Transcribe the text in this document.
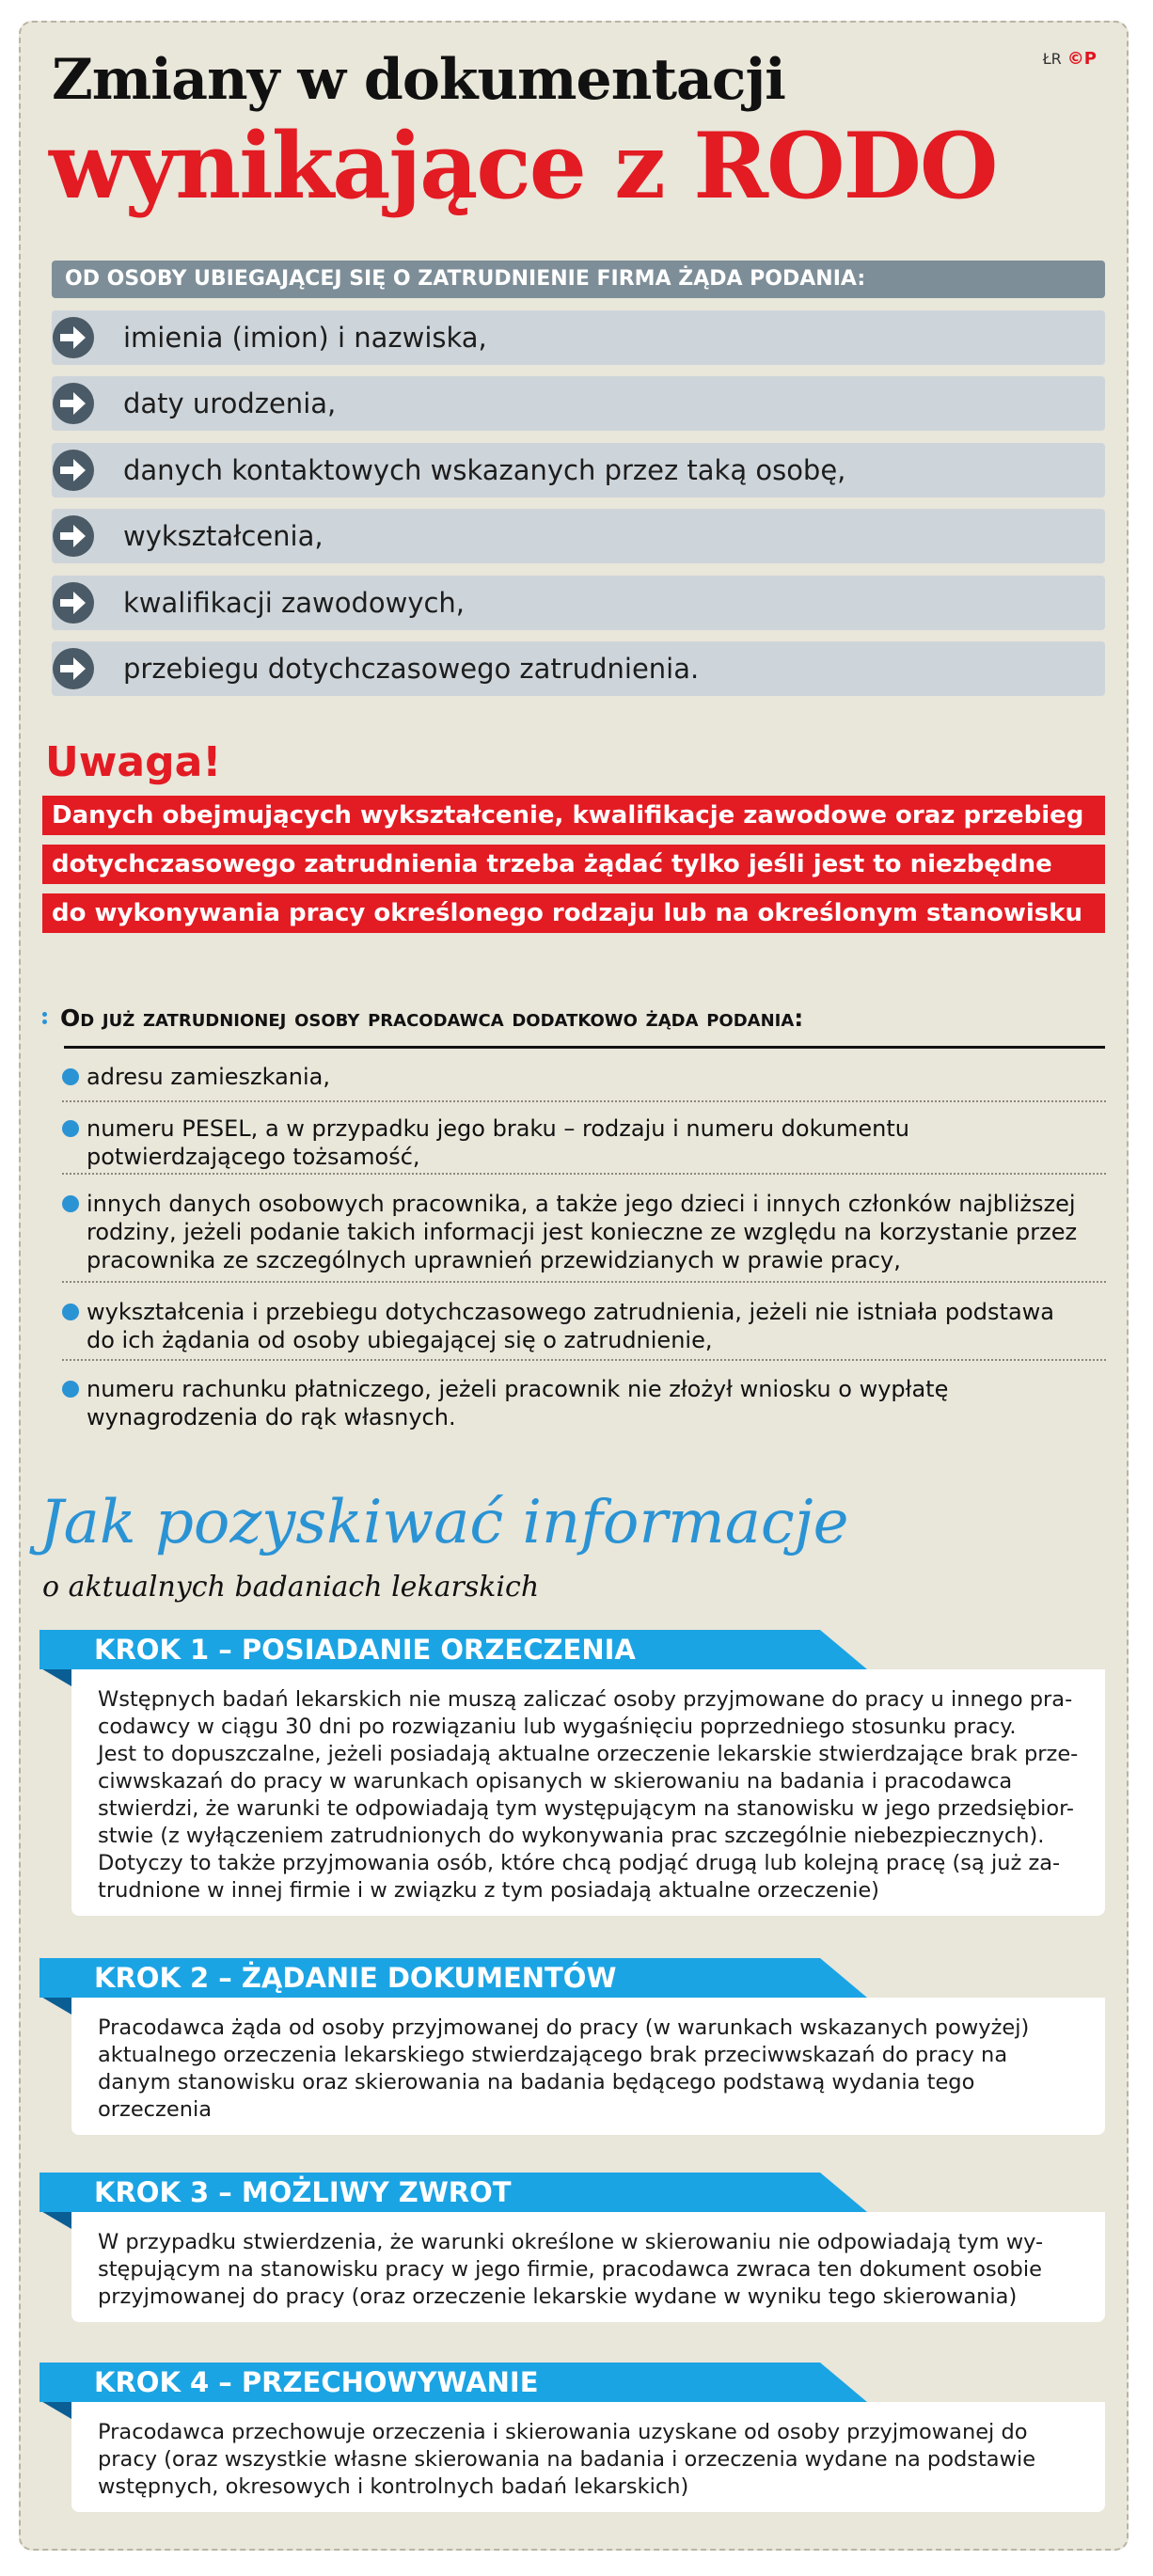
ŁR ©P
Zmiany w dokumentacji
wynikające z RODO
OD OSOBY UBIEGAJĄCEJ SIĘ O ZATRUDNIENIE FIRMA ŻĄDA PODANIA:
imienia (imion) i nazwiska,
daty urodzenia,
danych kontaktowych wskazanych przez taką osobę,
wykształcenia,
kwalifikacji zawodowych,
przebiegu dotychczasowego zatrudnienia.
Uwaga!
Danych obejmujących wykształcenie, kwalifikacje zawodowe oraz przebieg
dotychczasowego zatrudnienia trzeba żądać tylko jeśli jest to niezbędne
do wykonywania pracy określonego rodzaju lub na określonym stanowisku
Od już zatrudnionej osoby pracodawca dodatkowo żąda podania:
adresu zamieszkania,
numeru PESEL, a w przypadku jego braku – rodzaju i numeru dokumentu
potwierdzającego tożsamość,
innych danych osobowych pracownika, a także jego dzieci i innych członków najbliższej
rodziny, jeżeli podanie takich informacji jest konieczne ze względu na korzystanie przez
pracownika ze szczególnych uprawnień przewidzianych w prawie pracy,
wykształcenia i przebiegu dotychczasowego zatrudnienia, jeżeli nie istniała podstawa
do ich żądania od osoby ubiegającej się o zatrudnienie,
numeru rachunku płatniczego, jeżeli pracownik nie złożył wniosku o wypłatę
wynagrodzenia do rąk własnych.
Jak pozyskiwać informacje
o aktualnych badaniach lekarskich
Wstępnych badań lekarskich nie muszą zaliczać osoby przyjmowane do pracy u innego pra-
codawcy w ciągu 30 dni po rozwiązaniu lub wygaśnięciu poprzedniego stosunku pracy.
Jest to dopuszczalne, jeżeli posiadają aktualne orzeczenie lekarskie stwierdzające brak prze-
ciwwskazań do pracy w warunkach opisanych w skierowaniu na badania i pracodawca
stwierdzi, że warunki te odpowiadają tym występującym na stanowisku w jego przedsiębior-
stwie (z wyłączeniem zatrudnionych do wykonywania prac szczególnie niebezpiecznych).
Dotyczy to także przyjmowania osób, które chcą podjąć drugą lub kolejną pracę (są już za-
trudnione w innej firmie i w związku z tym posiadają aktualne orzeczenie)
KROK 1 – POSIADANIE ORZECZENIA
Pracodawca żąda od osoby przyjmowanej do pracy (w warunkach wskazanych powyżej)
aktualnego orzeczenia lekarskiego stwierdzającego brak przeciwwskazań do pracy na
danym stanowisku oraz skierowania na badania będącego podstawą wydania tego
orzeczenia
KROK 2 – ŻĄDANIE DOKUMENTÓW
W przypadku stwierdzenia, że warunki określone w skierowaniu nie odpowiadają tym wy-
stępującym na stanowisku pracy w jego firmie, pracodawca zwraca ten dokument osobie
przyjmowanej do pracy (oraz orzeczenie lekarskie wydane w wyniku tego skierowania)
KROK 3 – MOŻLIWY ZWROT
Pracodawca przechowuje orzeczenia i skierowania uzyskane od osoby przyjmowanej do
pracy (oraz wszystkie własne skierowania na badania i orzeczenia wydane na podstawie
wstępnych, okresowych i kontrolnych badań lekarskich)
KROK 4 – PRZECHOWYWANIE
